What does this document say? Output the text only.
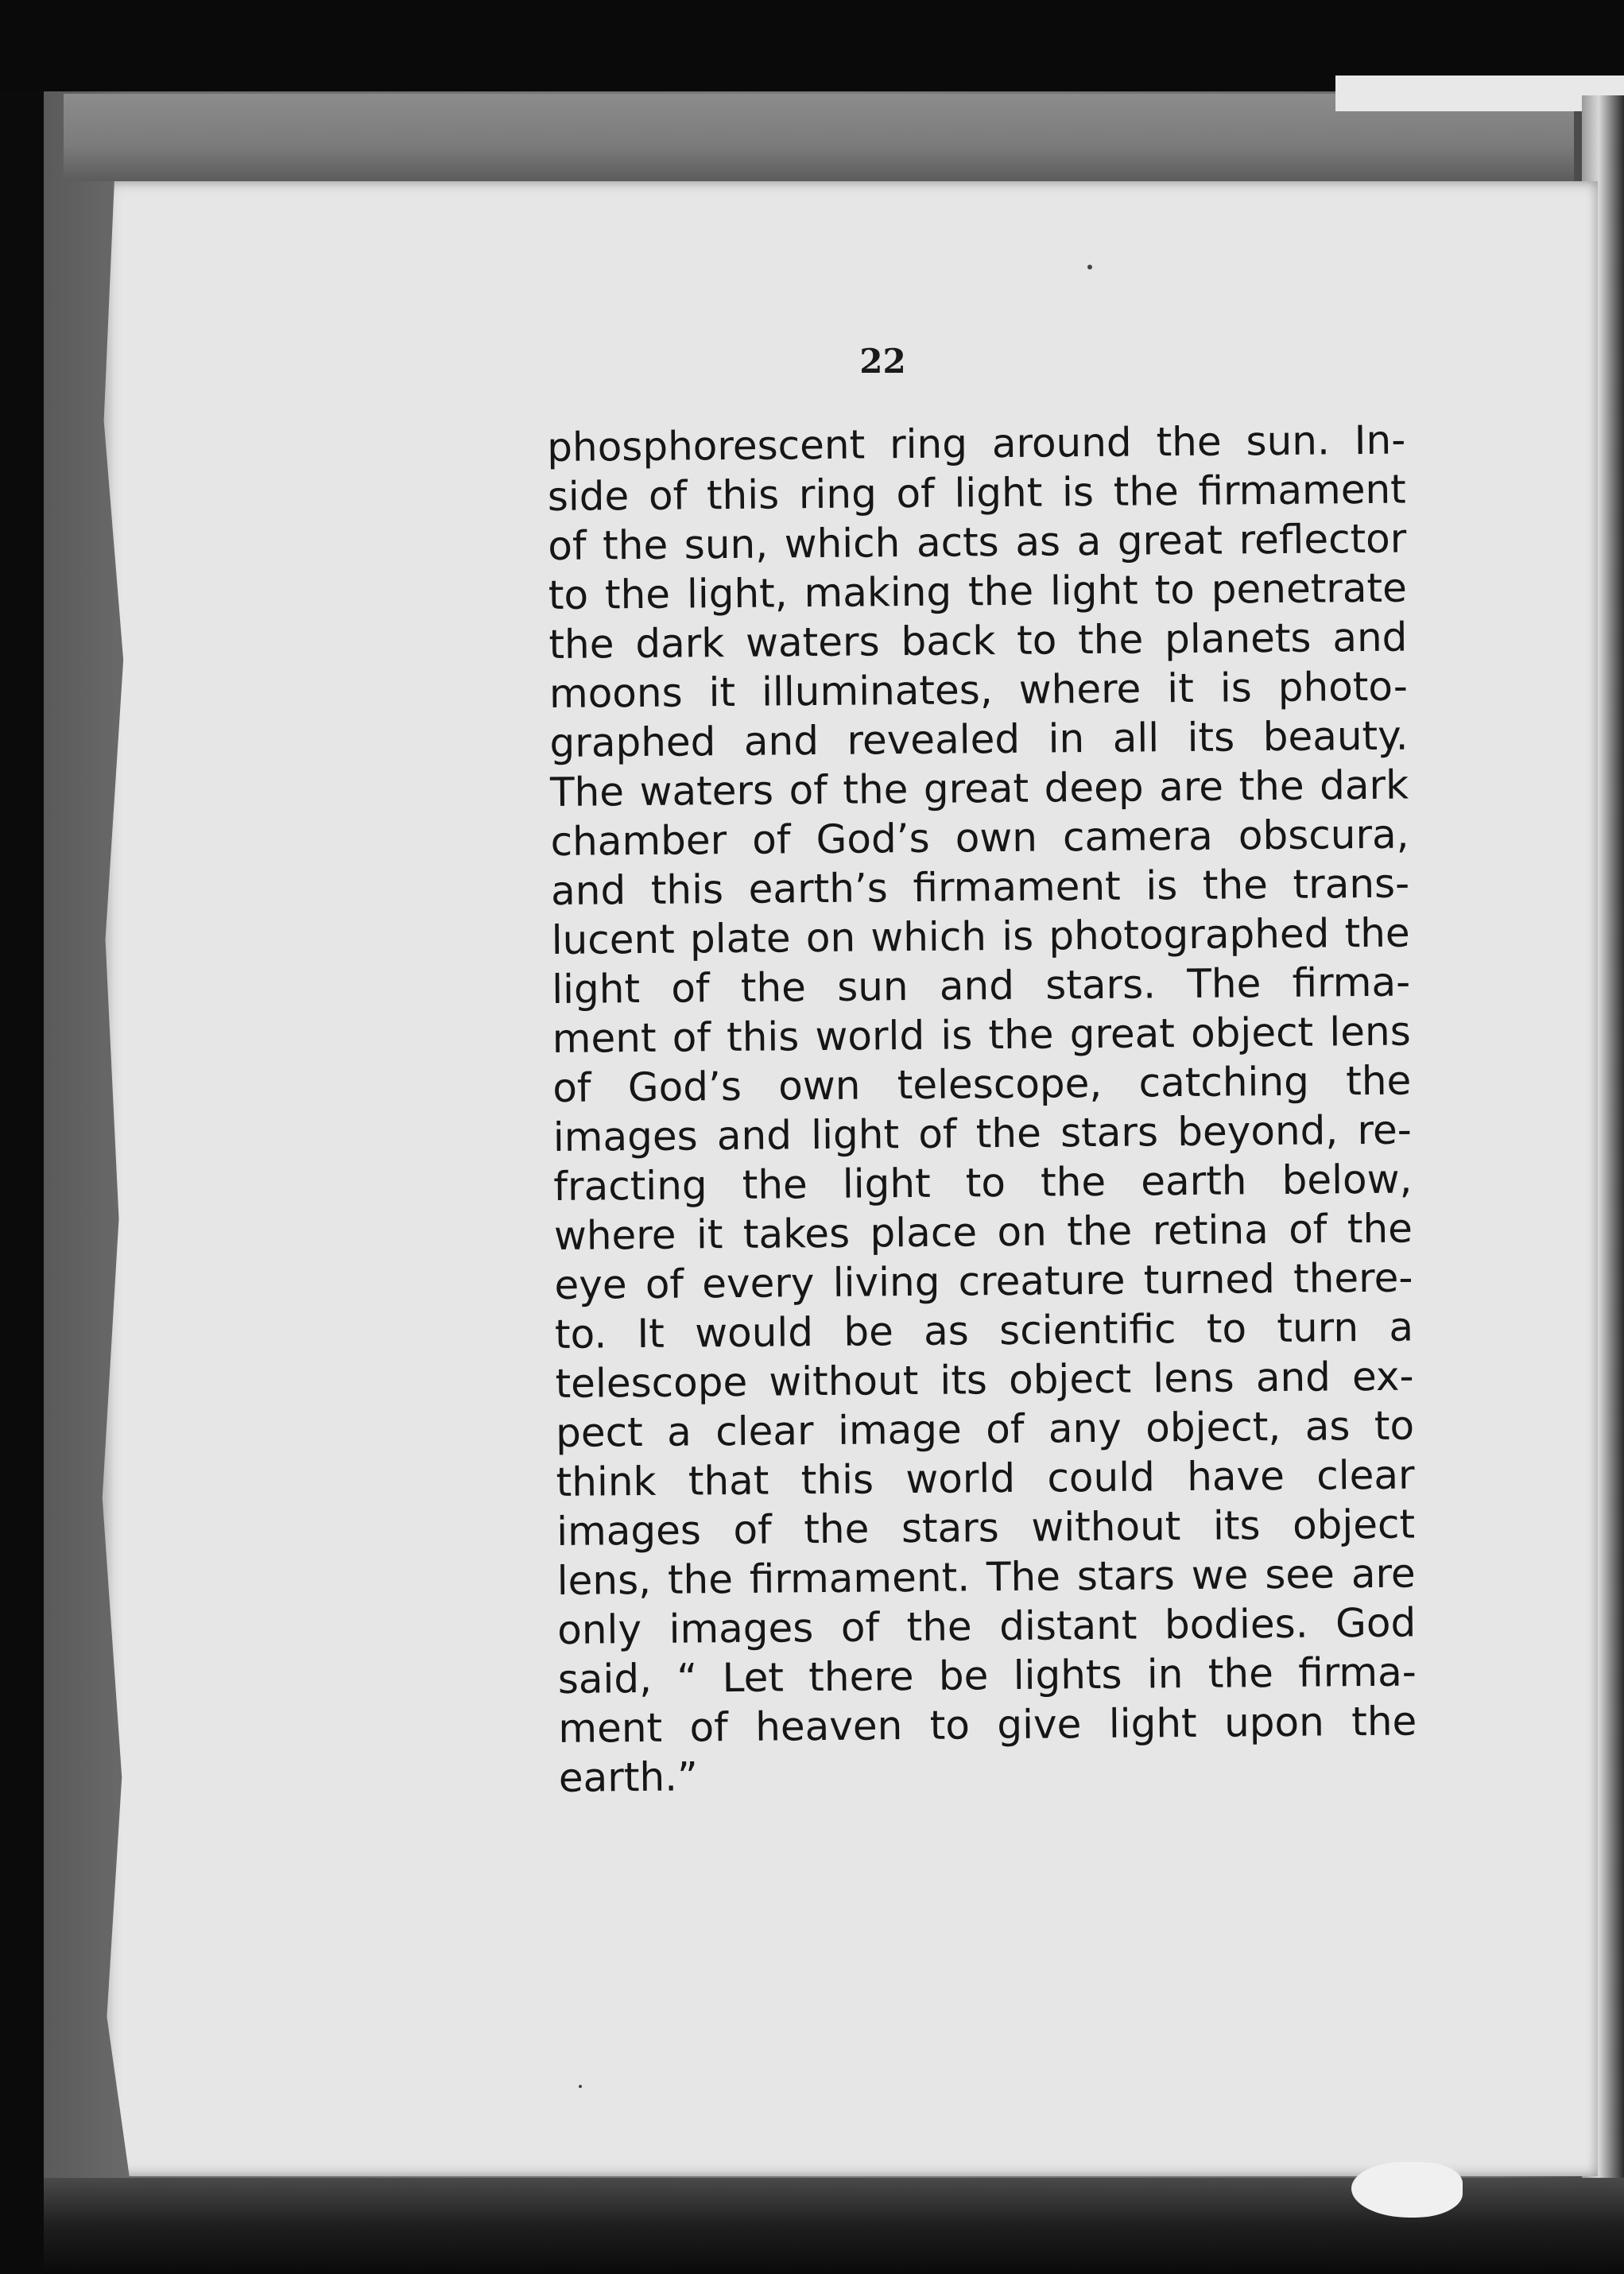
22

phosphorescent ring around the sun. In-
side of this ring of light is the firmament
of the sun, which acts as a great reflector
to the light, making the light to penetrate
the dark waters back to the planets and
moons it illuminates, where it is photo-
graphed and revealed in all its beauty.
The waters of the great deep are the dark
chamber of God’s own camera obscura,
and this earth’s firmament is the trans-
lucent plate on which is photographed the
light of the sun and stars. The firma-
ment of this world is the great object lens
of God’s own telescope, catching the
images and light of the stars beyond, re-
fracting the light to the earth below,
where it takes place on the retina of the
eye of every living creature turned there-
to. It would be as scientific to turn a
telescope without its object lens and ex-
pect a clear image of any object, as to
think that this world could have clear
images of the stars without its object
lens, the firmament. The stars we see are
only images of the distant bodies. God
said, “ Let there be lights in the firma-
ment of heaven to give light upon the
earth.”
